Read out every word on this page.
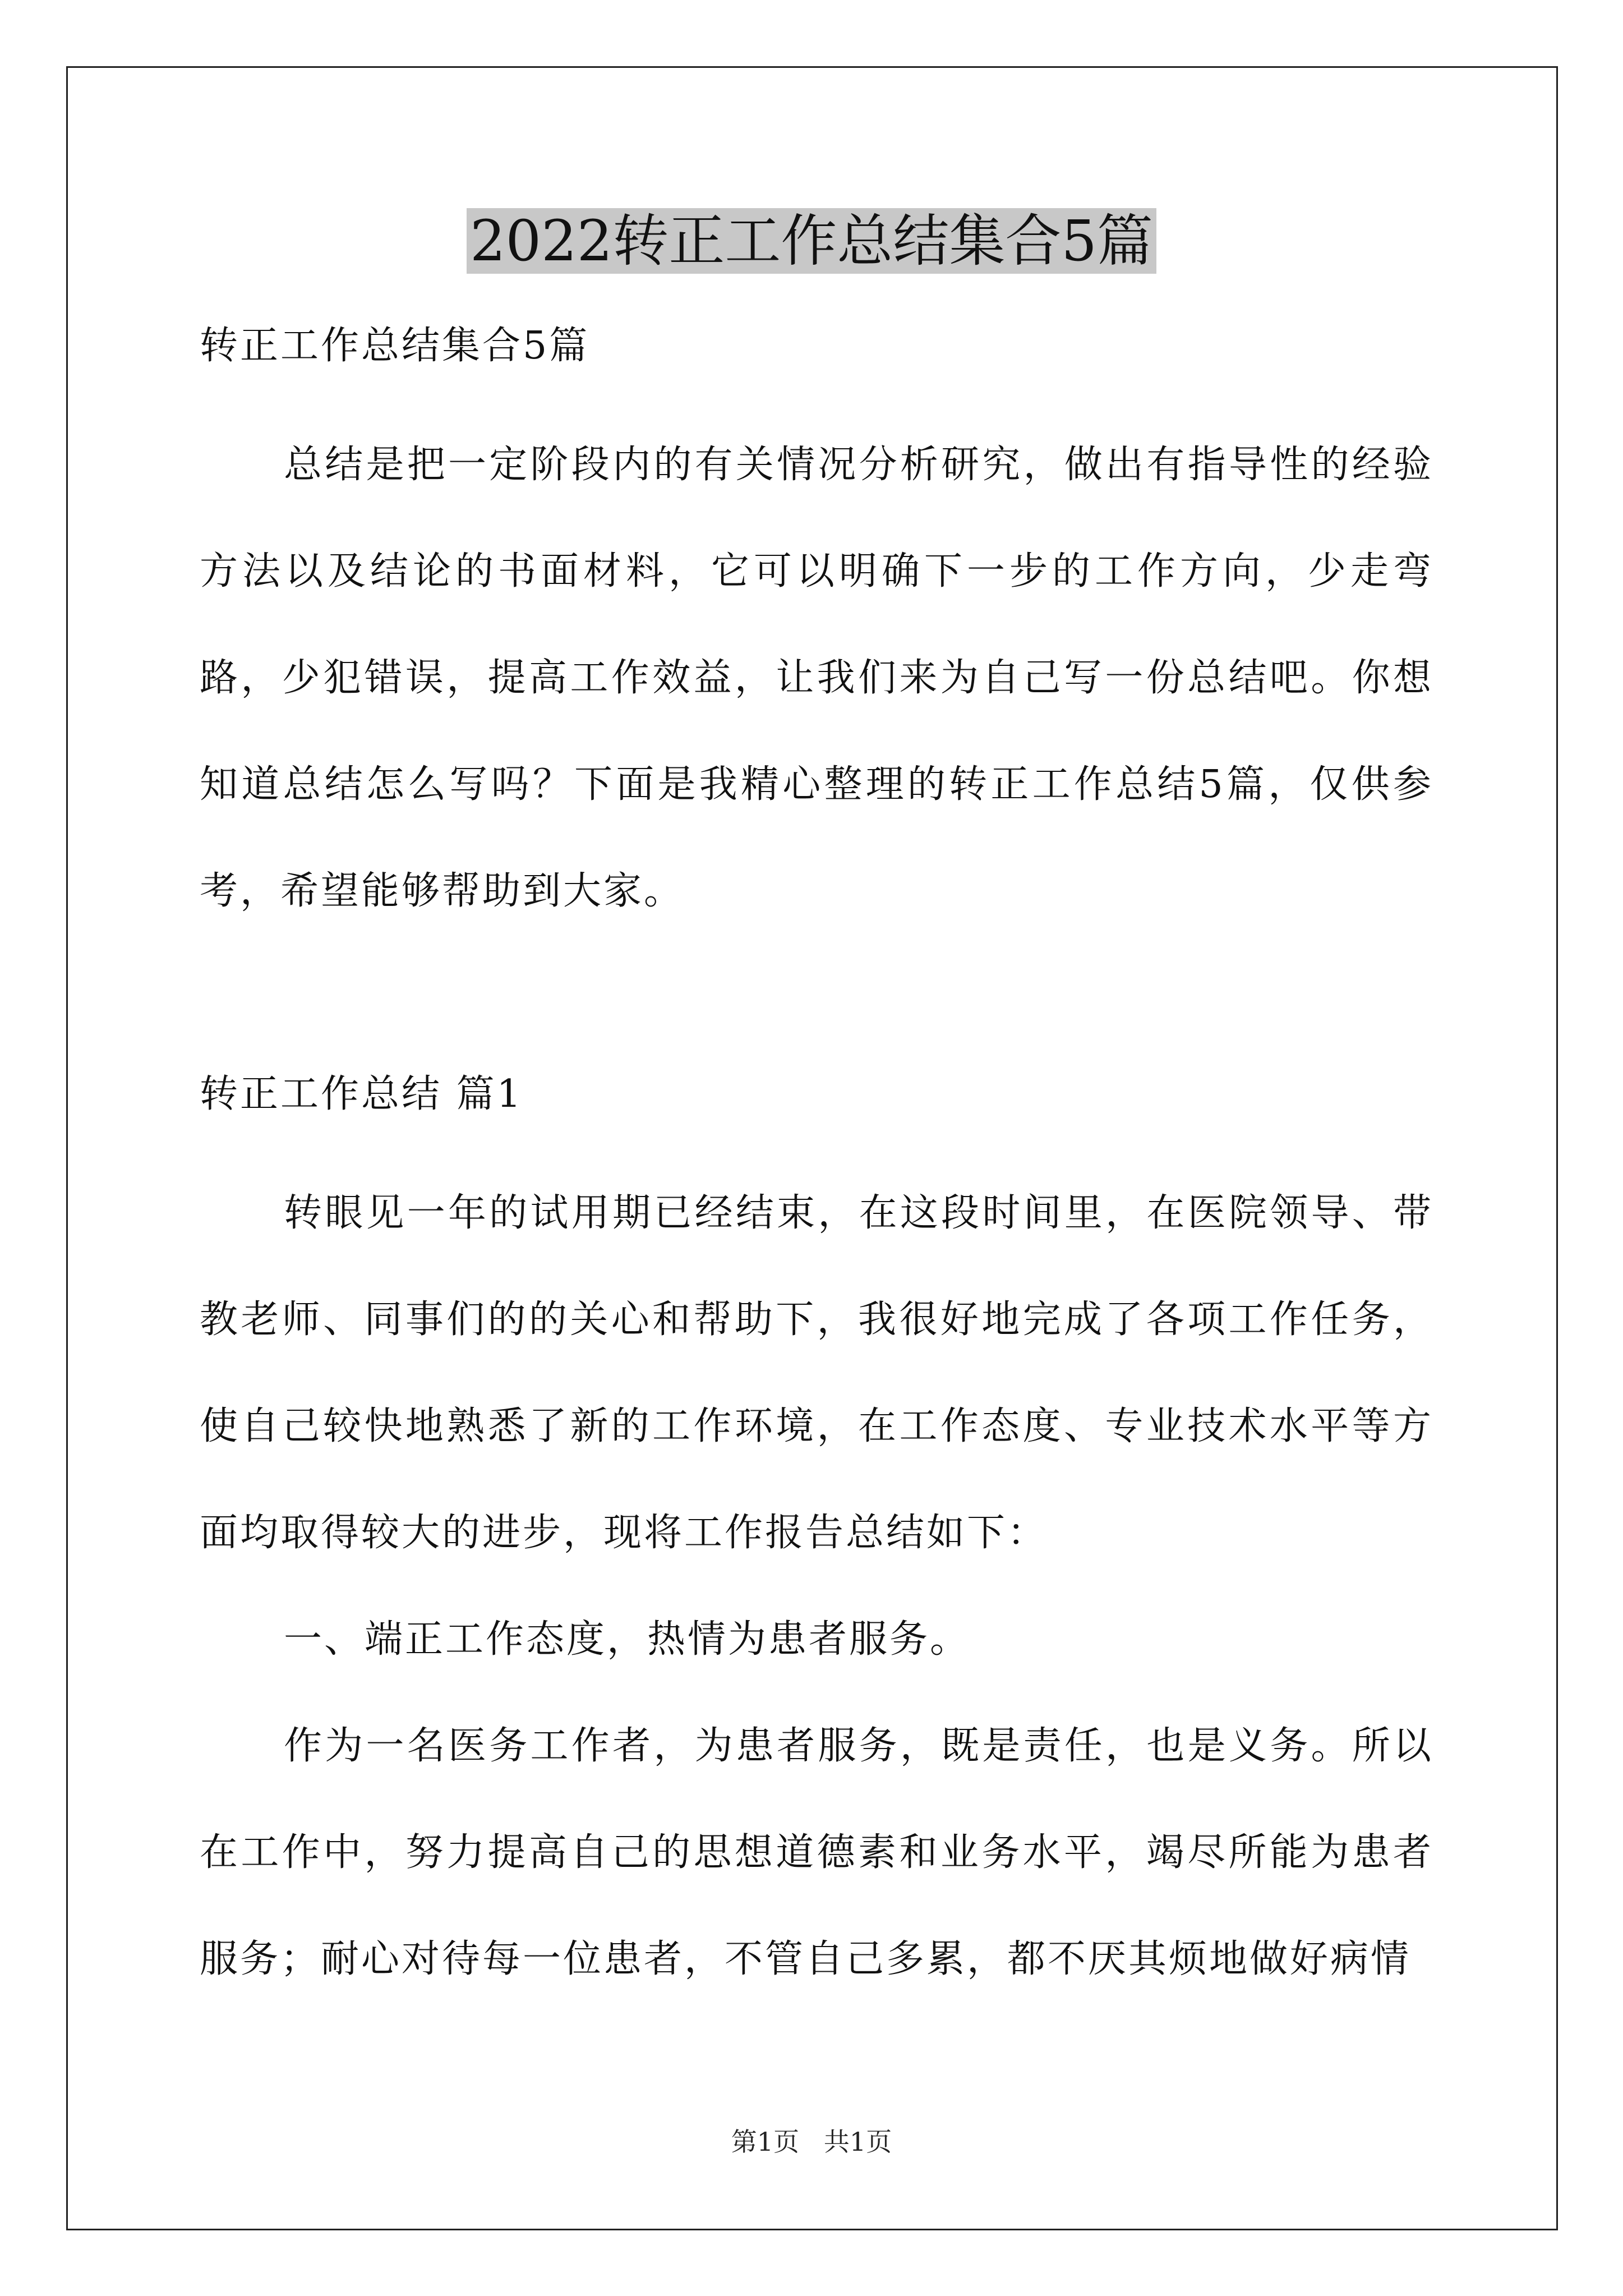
2022转正工作总结集合5篇

转正工作总结集合5篇

总结是把一定阶段内的有关情况分析研究，做出有指导性的经验方法以及结论的书面材料，它可以明确下一步的工作方向，少走弯路，少犯错误，提高工作效益，让我们来为自己写一份总结吧。你想知道总结怎么写吗？下面是我精心整理的转正工作总结5篇，仅供参考，希望能够帮助到大家。

转正工作总结 篇1

转眼见一年的试用期已经结束，在这段时间里，在医院领导、带教老师、同事们的的关心和帮助下，我很好地完成了各项工作任务，使自己较快地熟悉了新的工作环境，在工作态度、专业技术水平等方面均取得较大的进步，现将工作报告总结如下：

一、端正工作态度，热情为患者服务。

作为一名医务工作者，为患者服务，既是责任，也是义务。所以在工作中，努力提高自己的思想道德素和业务水平，竭尽所能为患者服务；耐心对待每一位患者，不管自己多累，都不厌其烦地做好病情

第1页   共1页
